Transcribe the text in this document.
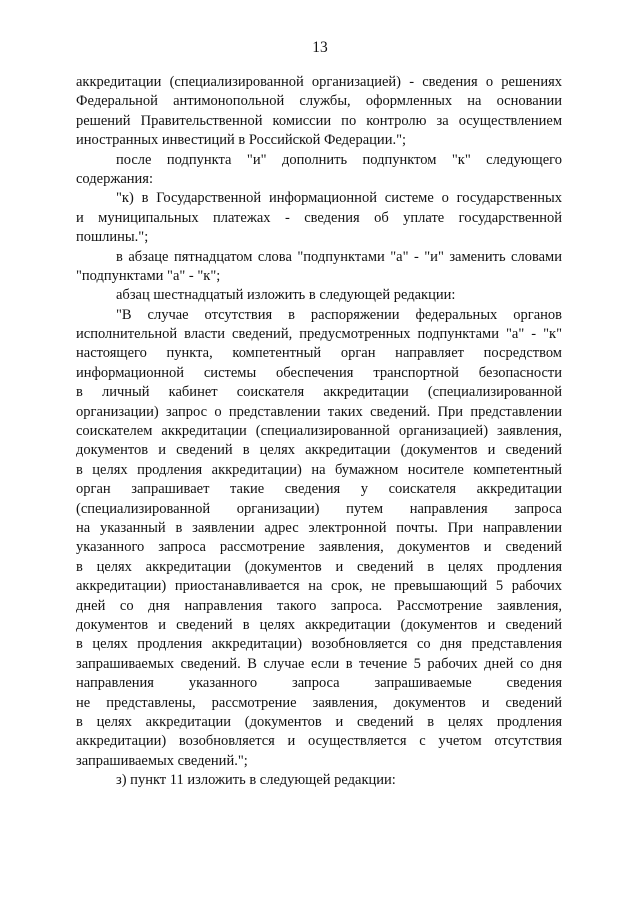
13
аккредитации (специализированной организацией) - сведения о решениях
Федеральной антимонопольной службы, оформленных на основании
решений Правительственной комиссии по контролю за осуществлением
иностранных инвестиций в Российской Федерации.";
после подпункта "и" дополнить подпунктом "к" следующего
содержания:
"к) в Государственной информационной системе о государственных
и муниципальных платежах - сведения об уплате государственной
пошлины.";
в абзаце пятнадцатом слова "подпунктами "а" - "и" заменить словами
"подпунктами "а" - "к";
абзац шестнадцатый изложить в следующей редакции:
"В случае отсутствия в распоряжении федеральных органов
исполнительной власти сведений, предусмотренных подпунктами "а" - "к"
настоящего пункта, компетентный орган направляет посредством
информационной системы обеспечения транспортной безопасности
в личный кабинет соискателя аккредитации (специализированной
организации) запрос о представлении таких сведений. При представлении
соискателем аккредитации (специализированной организацией) заявления,
документов и сведений в целях аккредитации (документов и сведений
в целях продления аккредитации) на бумажном носителе компетентный
орган запрашивает такие сведения у соискателя аккредитации
(специализированной организации) путем направления запроса
на указанный в заявлении адрес электронной почты. При направлении
указанного запроса рассмотрение заявления, документов и сведений
в целях аккредитации (документов и сведений в целях продления
аккредитации) приостанавливается на срок, не превышающий 5 рабочих
дней со дня направления такого запроса. Рассмотрение заявления,
документов и сведений в целях аккредитации (документов и сведений
в целях продления аккредитации) возобновляется со дня представления
запрашиваемых сведений. В случае если в течение 5 рабочих дней со дня
направления указанного запроса запрашиваемые сведения
не представлены, рассмотрение заявления, документов и сведений
в целях аккредитации (документов и сведений в целях продления
аккредитации) возобновляется и осуществляется с учетом отсутствия
запрашиваемых сведений.";
з) пункт 11 изложить в следующей редакции:
